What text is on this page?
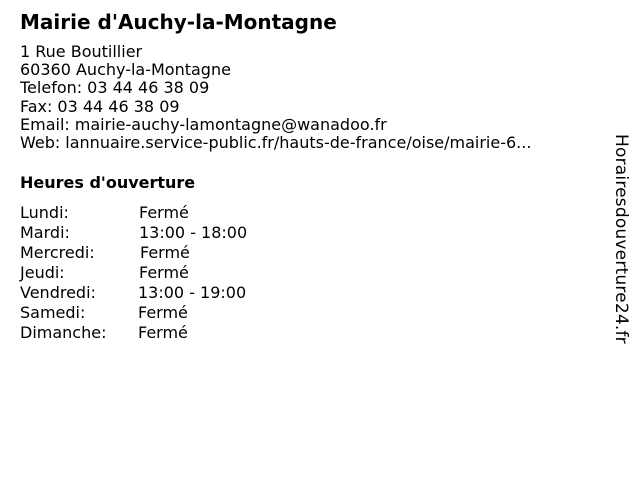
Mairie d'Auchy-la-Montagne
1 Rue Boutillier
60360 Auchy-la-Montagne
Telefon: 03 44 46 38 09
Fax: 03 44 46 38 09
Email: mairie-auchy-lamontagne@wanadoo.fr
Web: lannuaire.service-public.fr/hauts-de-france/oise/mairie-6...
Heures d'ouverture
Lundi:	Fermé
Mardi:	13:00 - 18:00
Mercredi:	Fermé
Jeudi:	Fermé
Vendredi:	13:00 - 19:00
Samedi:	Fermé
Dimanche: Fermé	Horairesdouverture24.fr
